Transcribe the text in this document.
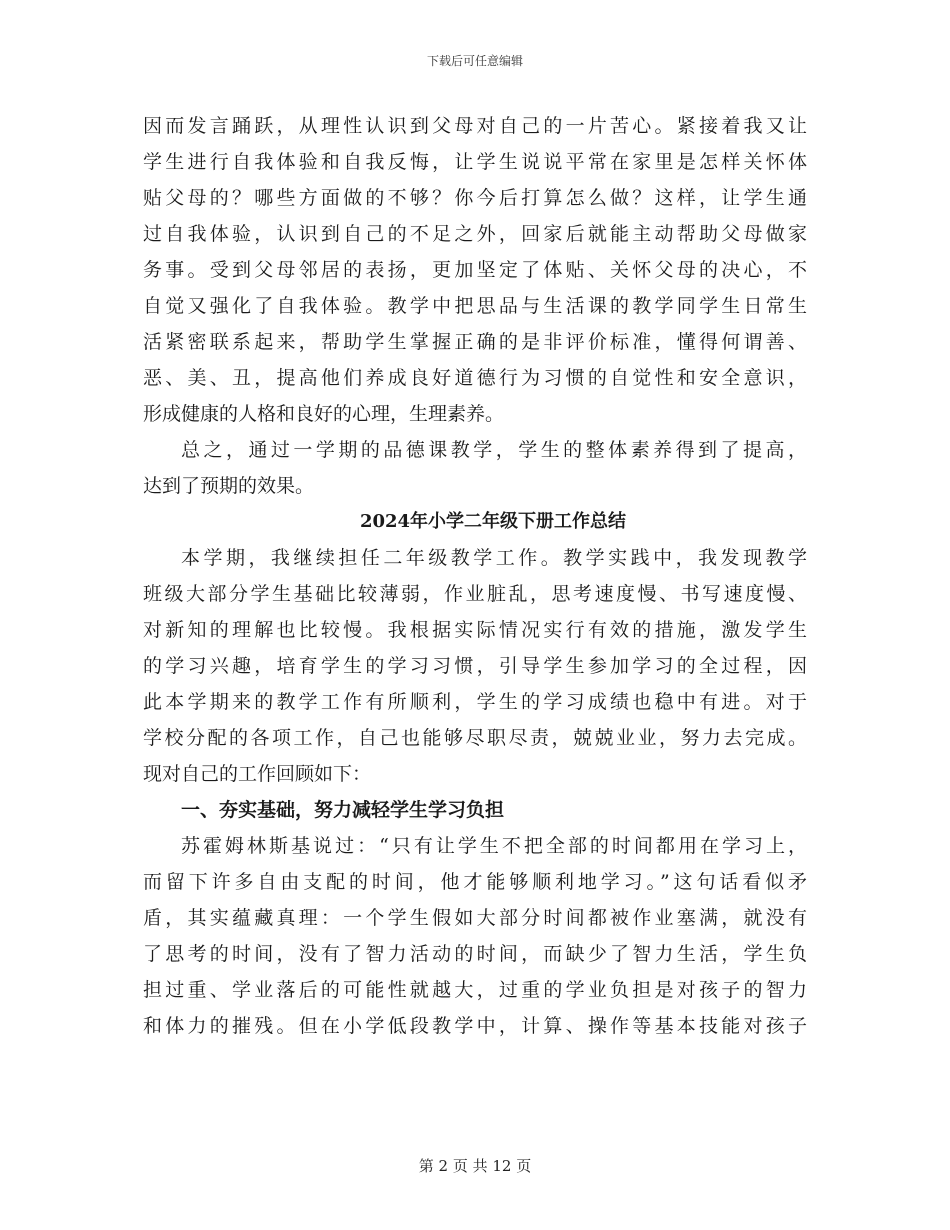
下载后可任意编辑
因而发言踊跃，从理性认识到父母对自己的一片苦心。紧接着我又让
学生进行自我体验和自我反悔，让学生说说平常在家里是怎样关怀体
贴父母的？哪些方面做的不够？你今后打算怎么做？这样，让学生通
过自我体验，认识到自己的不足之外，回家后就能主动帮助父母做家
务事。受到父母邻居的表扬，更加坚定了体贴、关怀父母的决心，不
自觉又强化了自我体验。教学中把思品与生活课的教学同学生日常生
活紧密联系起来，帮助学生掌握正确的是非评价标准，懂得何谓善、
恶、美、丑，提高他们养成良好道德行为习惯的自觉性和安全意识，
形成健康的人格和良好的心理，生理素养。
总之，通过一学期的品德课教学，学生的整体素养得到了提高，
达到了预期的效果。
2024年小学二年级下册工作总结
本学期，我继续担任二年级教学工作。教学实践中，我发现教学
班级大部分学生基础比较薄弱，作业脏乱，思考速度慢、书写速度慢、
对新知的理解也比较慢。我根据实际情况实行有效的措施，激发学生
的学习兴趣，培育学生的学习习惯，引导学生参加学习的全过程，因
此本学期来的教学工作有所顺利，学生的学习成绩也稳中有进。对于
学校分配的各项工作，自己也能够尽职尽责，兢兢业业，努力去完成。
现对自己的工作回顾如下：
一、夯实基础，努力减轻学生学习负担
苏霍姆林斯基说过：“只有让学生不把全部的时间都用在学习上，
而留下许多自由支配的时间，他才能够顺利地学习。”这句话看似矛
盾，其实蕴藏真理：一个学生假如大部分时间都被作业塞满，就没有
了思考的时间，没有了智力活动的时间，而缺少了智力生活，学生负
担过重、学业落后的可能性就越大，过重的学业负担是对孩子的智力
和体力的摧残。但在小学低段教学中，计算、操作等基本技能对孩子
第 2 页 共 12 页
